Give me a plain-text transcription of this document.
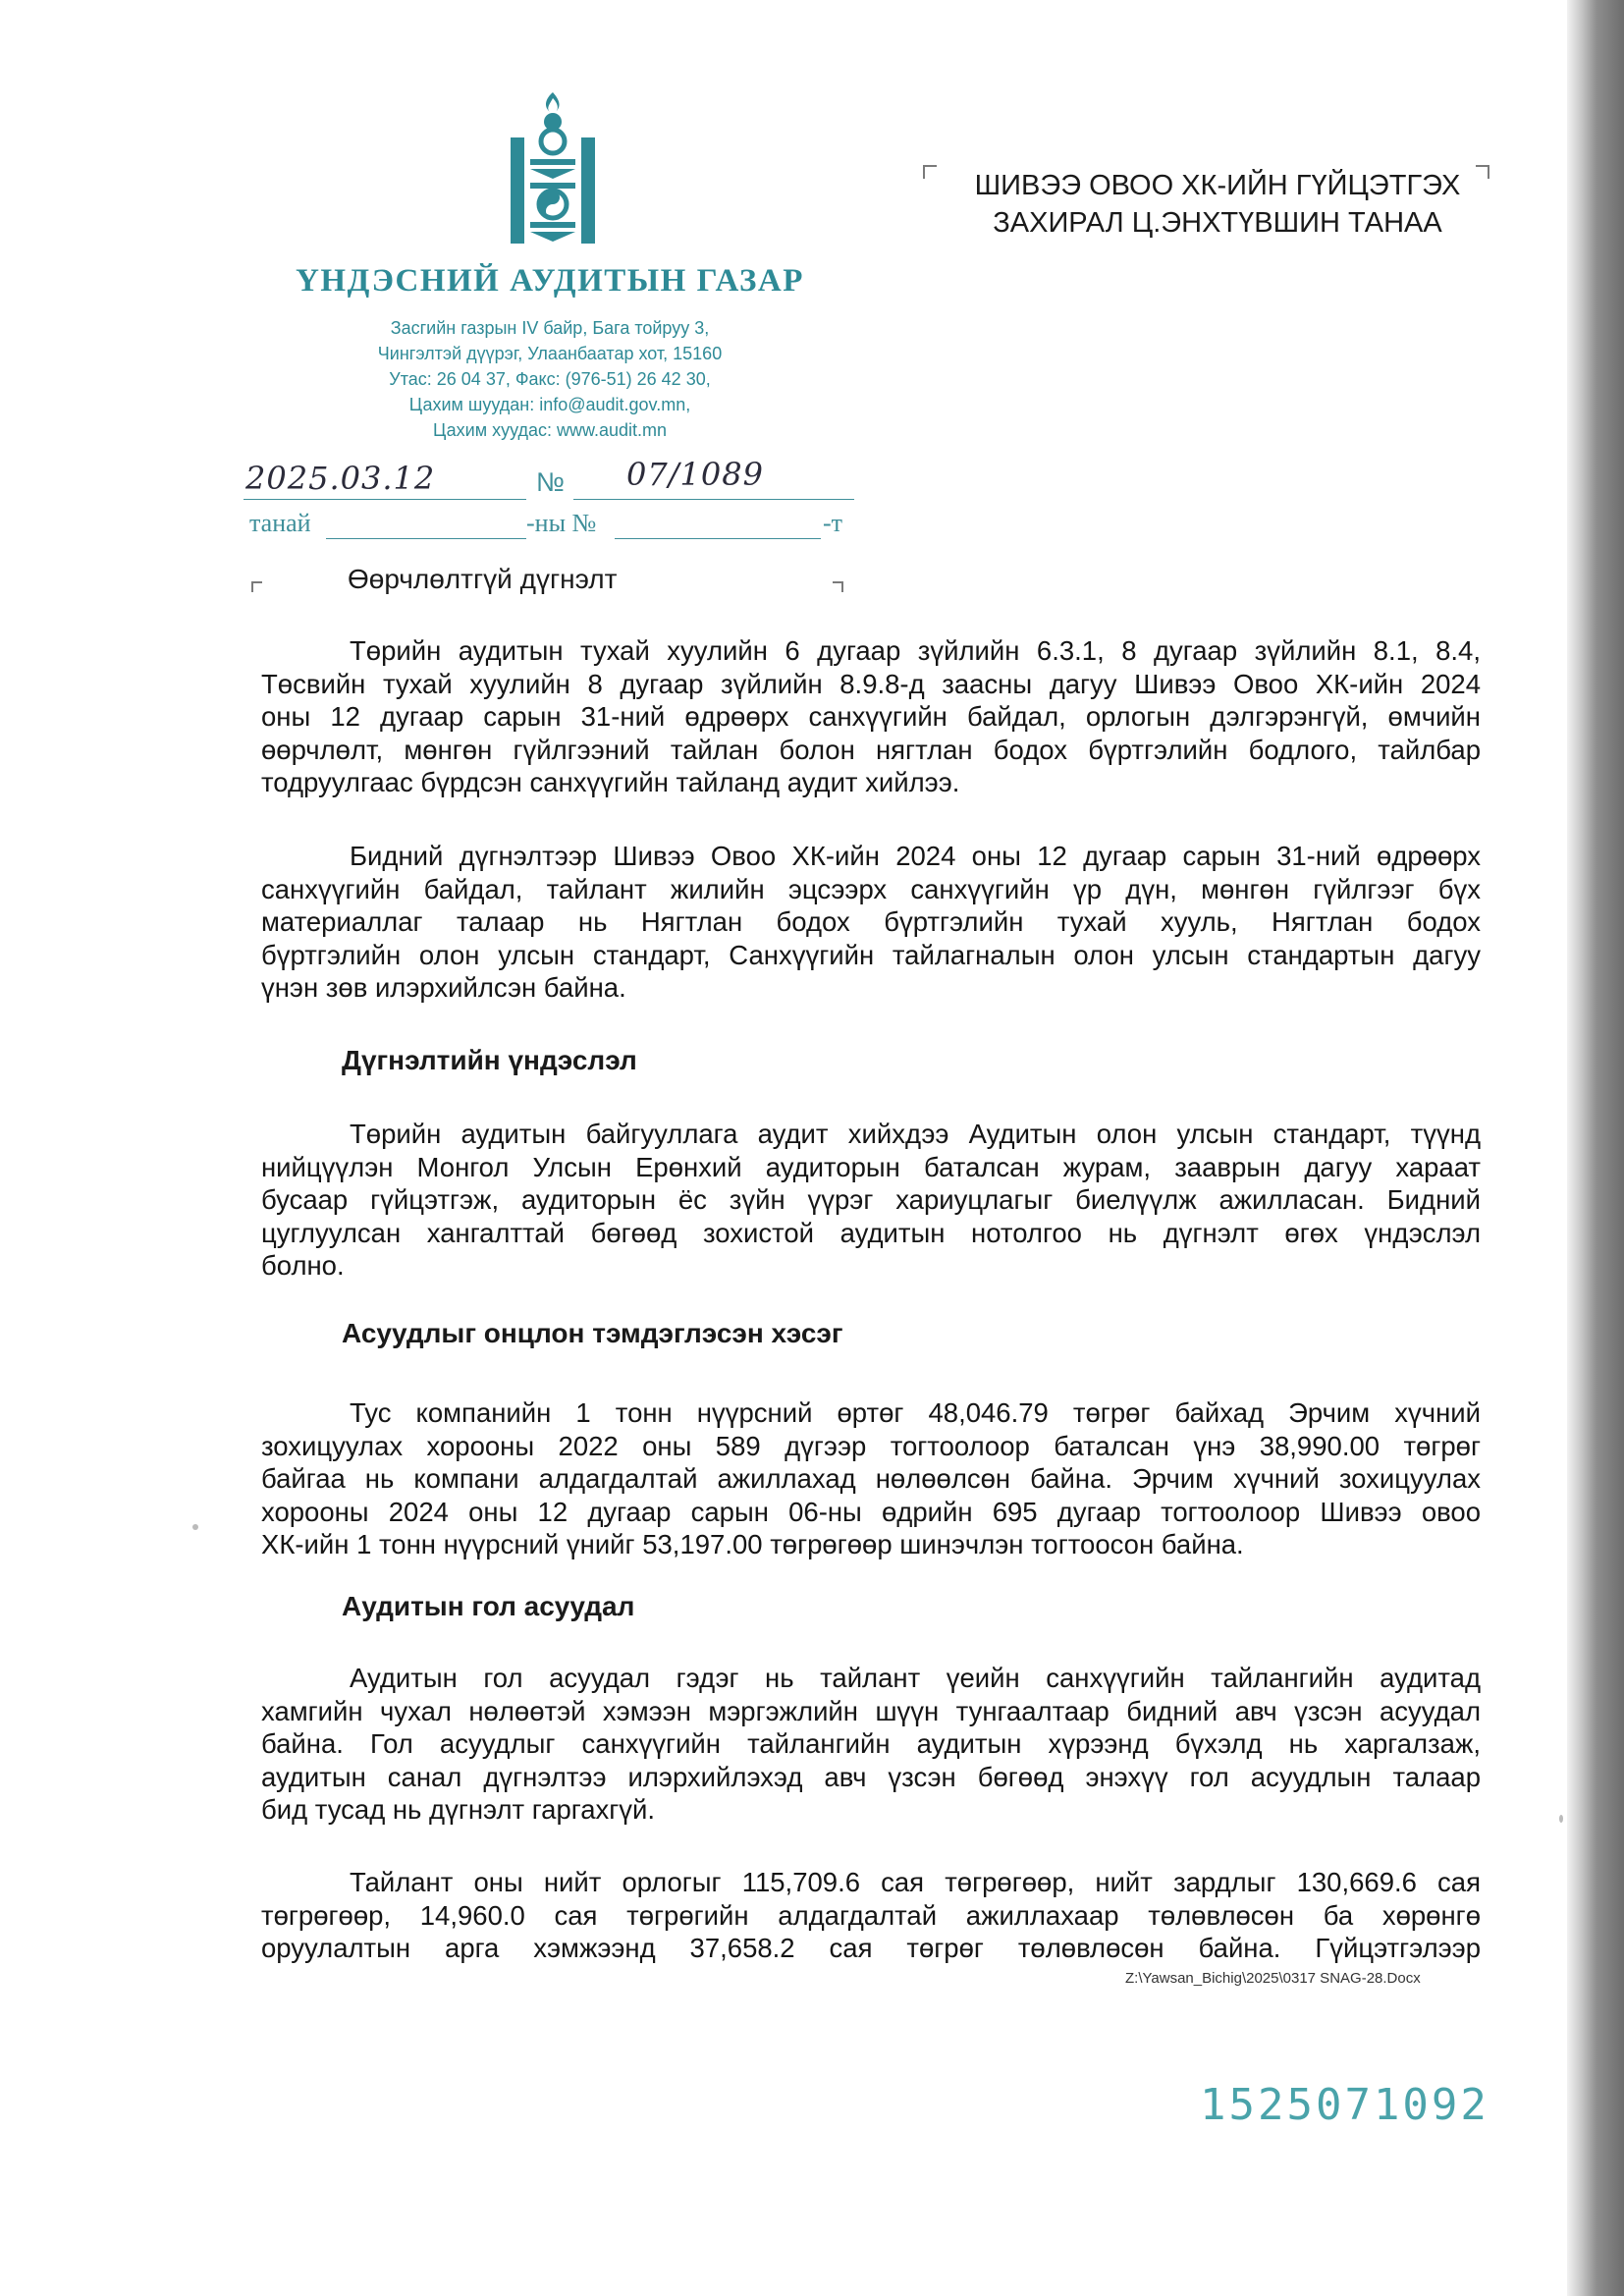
ҮНДЭСНИЙ АУДИТЫН ГАЗАР

Засгийн газрын IV байр, Бага тойруу 3,

Чингэлтэй дүүрэг, Улаанбаатар хот, 15160

Утас: 26 04 37, Факс: (976-51) 26 42 30,

Цахим шуудан: info@audit.gov.mn,

Цахим хуудас: www.audit.mn

ШИВЭЭ ОВОО ХК-ИЙН ГҮЙЦЭТГЭХ
ЗАХИРАЛ Ц.ЭНХТҮВШИН ТАНАА
2025.03.12	№ 07/1089
танай	-ны №	-т
Өөрчлөлтгүй дүгнэлт
Төрийн аудитын тухай хуулийн 6 дугаар зүйлийн 6.3.1, 8 дугаар зүйлийн 8.1, 8.4,
Төсвийн тухай хуулийн 8 дугаар зүйлийн 8.9.8-д заасны дагуу Шивээ Овоо ХК-ийн 2024
оны 12 дугаар сарын 31-ний өдрөөрх санхүүгийн байдал, орлогын дэлгэрэнгүй, өмчийн
өөрчлөлт, мөнгөн гүйлгээний тайлан болон нягтлан бодох бүртгэлийн бодлого, тайлбар
тодруулгаас бүрдсэн санхүүгийн тайланд аудит хийлээ.
Бидний дүгнэлтээр Шивээ Овоо ХК-ийн 2024 оны 12 дугаар сарын 31-ний өдрөөрх
санхүүгийн байдал, тайлант жилийн эцсээрх санхүүгийн үр дүн, мөнгөн гүйлгээг бүх
материаллаг талаар нь Нягтлан бодох бүртгэлийн тухай хууль, Нягтлан бодох
бүртгэлийн олон улсын стандарт, Санхүүгийн тайлагналын олон улсын стандартын дагуу
үнэн зөв илэрхийлсэн байна.
Дүгнэлтийн үндэслэл
Төрийн аудитын байгууллага аудит хийхдээ Аудитын олон улсын стандарт, түүнд
нийцүүлэн Монгол Улсын Ерөнхий аудиторын баталсан журам, зааврын дагуу хараат
бусаар гүйцэтгэж, аудиторын ёс зүйн үүрэг хариуцлагыг биелүүлж ажилласан. Бидний
цуглуулсан хангалттай бөгөөд зохистой аудитын нотолгоо нь дүгнэлт өгөх үндэслэл
болно.
Асуудлыг онцлон тэмдэглэсэн хэсэг
Тус компанийн 1 тонн нүүрсний өртөг 48,046.79 төгрөг байхад Эрчим хүчний
зохицуулах хорооны 2022 оны 589 дүгээр тогтоолоор баталсан үнэ 38,990.00 төгрөг
байгаа нь компани алдагдалтай ажиллахад нөлөөлсөн байна. Эрчим хүчний зохицуулах
хорооны 2024 оны 12 дугаар сарын 06-ны өдрийн 695 дугаар тогтоолоор Шивээ овоо
ХК-ийн 1 тонн нүүрсний үнийг 53,197.00 төгрөгөөр шинэчлэн тогтоосон байна.
Аудитын гол асуудал
Аудитын гол асуудал гэдэг нь тайлант үеийн санхүүгийн тайлангийн аудитад
хамгийн чухал нөлөөтэй хэмээн мэргэжлийн шүүн тунгаалтаар бидний авч үзсэн асуудал
байна. Гол асуудлыг санхүүгийн тайлангийн аудитын хүрээнд бүхэлд нь харгалзаж,
аудитын санал дүгнэлтээ илэрхийлэхэд авч үзсэн бөгөөд энэхүү гол асуудлын талаар
бид тусад нь дүгнэлт гаргахгүй.
Тайлант оны нийт орлогыг 115,709.6 сая төгрөгөөр, нийт зардлыг 130,669.6 сая
төгрөгөөр, 14,960.0 сая төгрөгийн алдагдалтай ажиллахаар төлөвлөсөн ба хөрөнгө
оруулалтын арга хэмжээнд 37,658.2 сая төгрөг төлөвлөсөн байна. Гүйцэтгэлээр
Z:\Yawsan_Bichig\2025\0317 SNAG-28.Docx
1525071092
